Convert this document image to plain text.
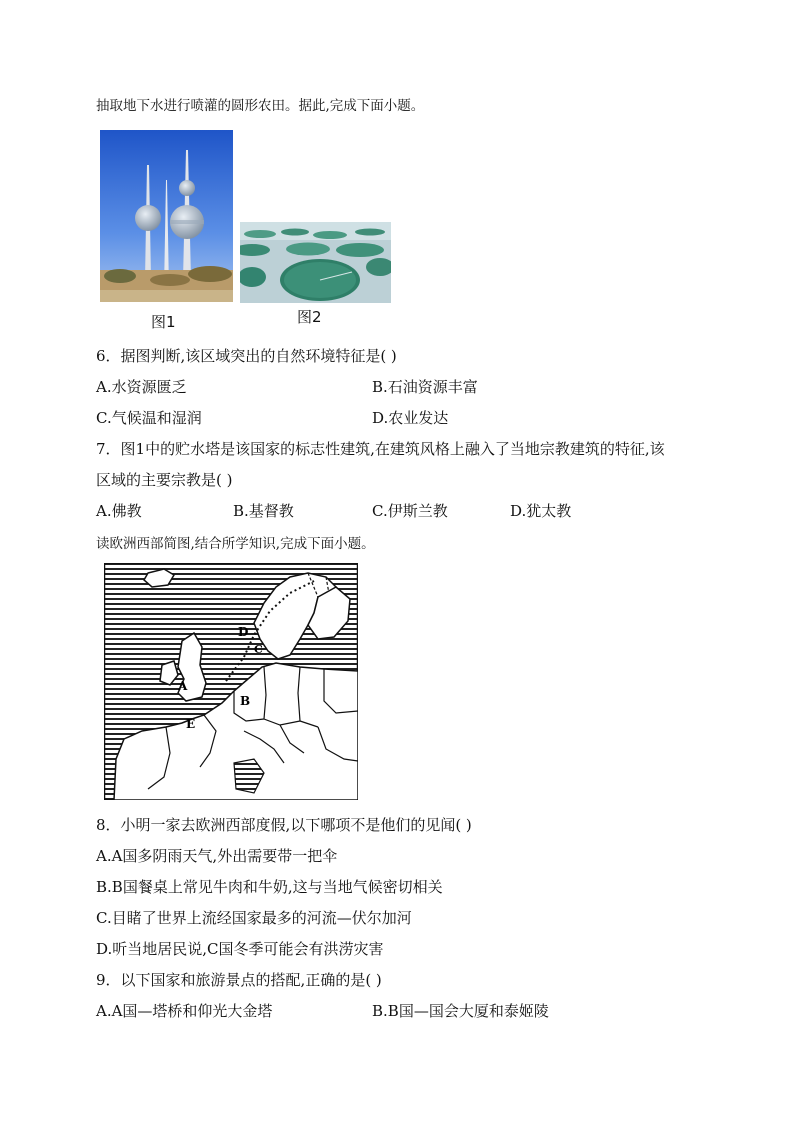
抽取地下水进行喷灌的圆形农田。据此,完成下面小题。
图1	图2
6．据图判断,该区域突出的自然环境特征是( )
A.水资源匮乏	B.石油资源丰富
C.气候温和湿润	D.农业发达
7．图1中的贮水塔是该国家的标志性建筑,在建筑风格上融入了当地宗教建筑的特征,该
区域的主要宗教是( )
A.佛教	B.基督教	C.伊斯兰教	D.犹太教
读欧洲西部简图,结合所学知识,完成下面小题。
D
A
B
E
C
8．小明一家去欧洲西部度假,以下哪项不是他们的见闻( )
A.A国多阴雨天气,外出需要带一把伞
B.B国餐桌上常见牛肉和牛奶,这与当地气候密切相关
C.目睹了世界上流经国家最多的河流—伏尔加河
D.听当地居民说,C国冬季可能会有洪涝灾害
9．以下国家和旅游景点的搭配,正确的是( )
A.A国—塔桥和仰光大金塔	B.B国—国会大厦和泰姬陵
